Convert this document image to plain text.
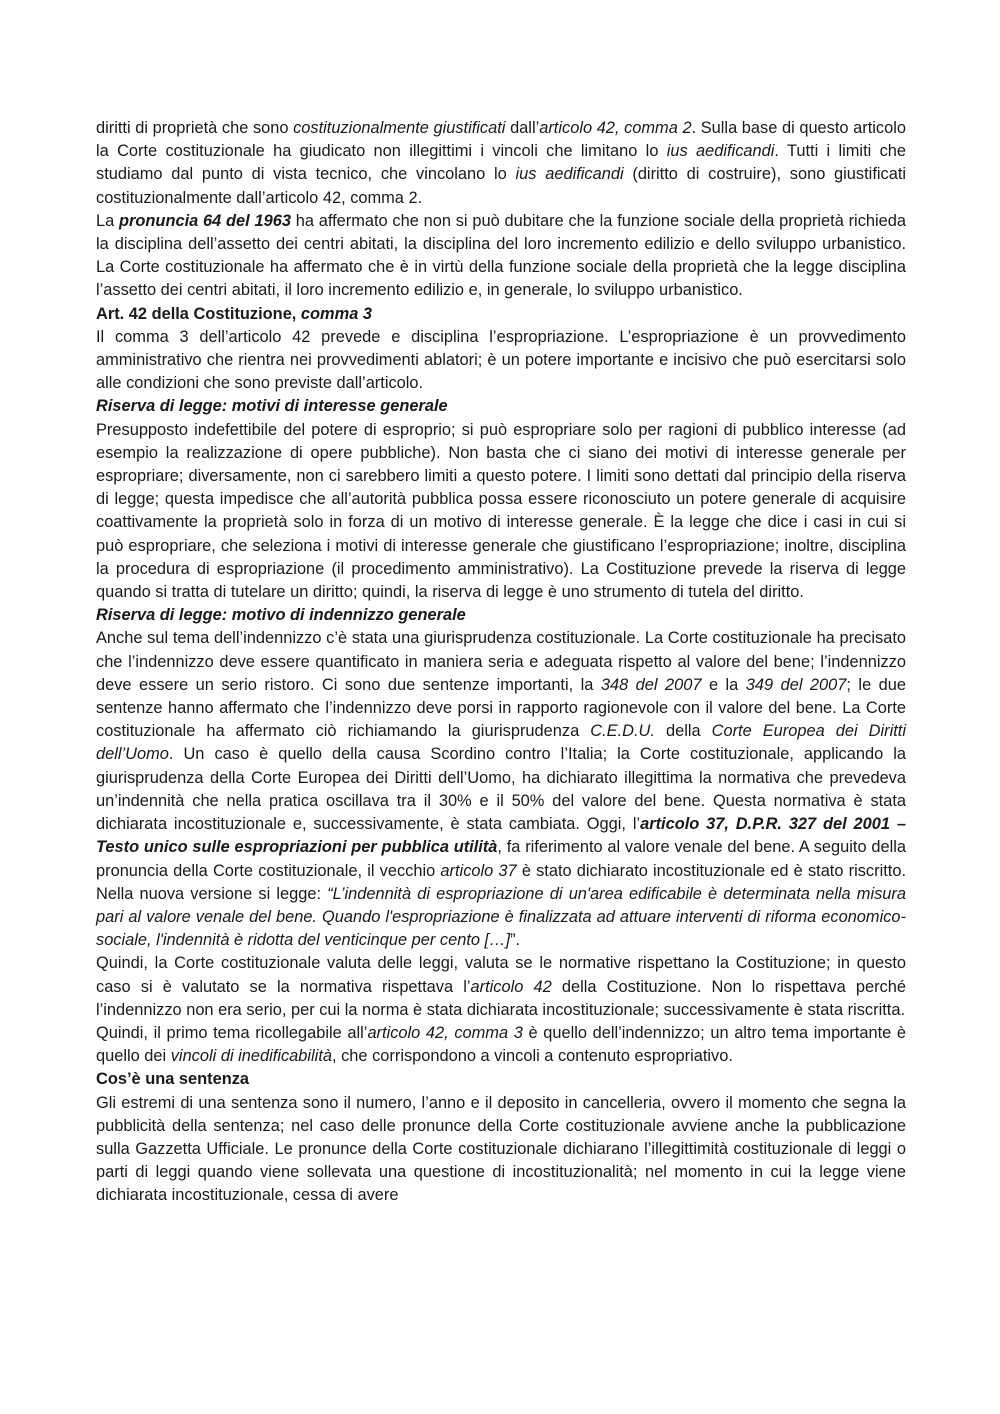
diritti di proprietà che sono costituzionalmente giustificati dall’articolo 42, comma 2. Sulla base di questo articolo la Corte costituzionale ha giudicato non illegittimi i vincoli che limitano lo ius aedificandi. Tutti i limiti che studiamo dal punto di vista tecnico, che vincolano lo ius aedificandi (diritto di costruire), sono giustificati costituzionalmente dall’articolo 42, comma 2.

La pronuncia 64 del 1963 ha affermato che non si può dubitare che la funzione sociale della proprietà richieda la disciplina dell’assetto dei centri abitati, la disciplina del loro incremento edilizio e dello sviluppo urbanistico. La Corte costituzionale ha affermato che è in virtù della funzione sociale della proprietà che la legge disciplina l’assetto dei centri abitati, il loro incremento edilizio e, in generale, lo sviluppo urbanistico.

Art. 42 della Costituzione, comma 3

Il comma 3 dell’articolo 42 prevede e disciplina l’espropriazione. L’espropriazione è un provvedimento amministrativo che rientra nei provvedimenti ablatori; è un potere importante e incisivo che può esercitarsi solo alle condizioni che sono previste dall’articolo.

Riserva di legge: motivi di interesse generale

Presupposto indefettibile del potere di esproprio; si può espropriare solo per ragioni di pubblico interesse (ad esempio la realizzazione di opere pubbliche). Non basta che ci siano dei motivi di interesse generale per espropriare; diversamente, non ci sarebbero limiti a questo potere. I limiti sono dettati dal principio della riserva di legge; questa impedisce che all’autorità pubblica possa essere riconosciuto un potere generale di acquisire coattivamente la proprietà solo in forza di un motivo di interesse generale. È la legge che dice i casi in cui si può espropriare, che seleziona i motivi di interesse generale che giustificano l’espropriazione; inoltre, disciplina la procedura di espropriazione (il procedimento amministrativo). La Costituzione prevede la riserva di legge quando si tratta di tutelare un diritto; quindi, la riserva di legge è uno strumento di tutela del diritto.

Riserva di legge: motivo di indennizzo generale

Anche sul tema dell’indennizzo c’è stata una giurisprudenza costituzionale. La Corte costituzionale ha precisato che l’indennizzo deve essere quantificato in maniera seria e adeguata rispetto al valore del bene; l’indennizzo deve essere un serio ristoro. Ci sono due sentenze importanti, la 348 del 2007 e la 349 del 2007; le due sentenze hanno affermato che l’indennizzo deve porsi in rapporto ragionevole con il valore del bene. La Corte costituzionale ha affermato ciò richiamando la giurisprudenza C.E.D.U. della Corte Europea dei Diritti dell’Uomo. Un caso è quello della causa Scordino contro l’Italia; la Corte costituzionale, applicando la giurisprudenza della Corte Europea dei Diritti dell’Uomo, ha dichiarato illegittima la normativa che prevedeva un’indennità che nella pratica oscillava tra il 30% e il 50% del valore del bene. Questa normativa è stata dichiarata incostituzionale e, successivamente, è stata cambiata. Oggi, l’articolo 37, D.P.R. 327 del 2001 – Testo unico sulle espropriazioni per pubblica utilità, fa riferimento al valore venale del bene. A seguito della pronuncia della Corte costituzionale, il vecchio articolo 37 è stato dichiarato incostituzionale ed è stato riscritto. Nella nuova versione si legge: “L’indennità di espropriazione di un'area edificabile è determinata nella misura pari al valore venale del bene. Quando l'espropriazione è finalizzata ad attuare interventi di riforma economico-sociale, l'indennità è ridotta del venticinque per cento […]”.

Quindi, la Corte costituzionale valuta delle leggi, valuta se le normative rispettano la Costituzione; in questo caso si è valutato se la normativa rispettava l’articolo 42 della Costituzione. Non lo rispettava perché l’indennizzo non era serio, per cui la norma è stata dichiarata incostituzionale; successivamente è stata riscritta.

Quindi, il primo tema ricollegabile all’articolo 42, comma 3 è quello dell’indennizzo; un altro tema importante è quello dei vincoli di inedificabilità, che corrispondono a vincoli a contenuto espropriativo.

Cos’è una sentenza

Gli estremi di una sentenza sono il numero, l’anno e il deposito in cancelleria, ovvero il momento che segna la pubblicità della sentenza; nel caso delle pronunce della Corte costituzionale avviene anche la pubblicazione sulla Gazzetta Ufficiale. Le pronunce della Corte costituzionale dichiarano l’illegittimità costituzionale di leggi o parti di leggi quando viene sollevata una questione di incostituzionalità; nel momento in cui la legge viene dichiarata incostituzionale, cessa di avere
